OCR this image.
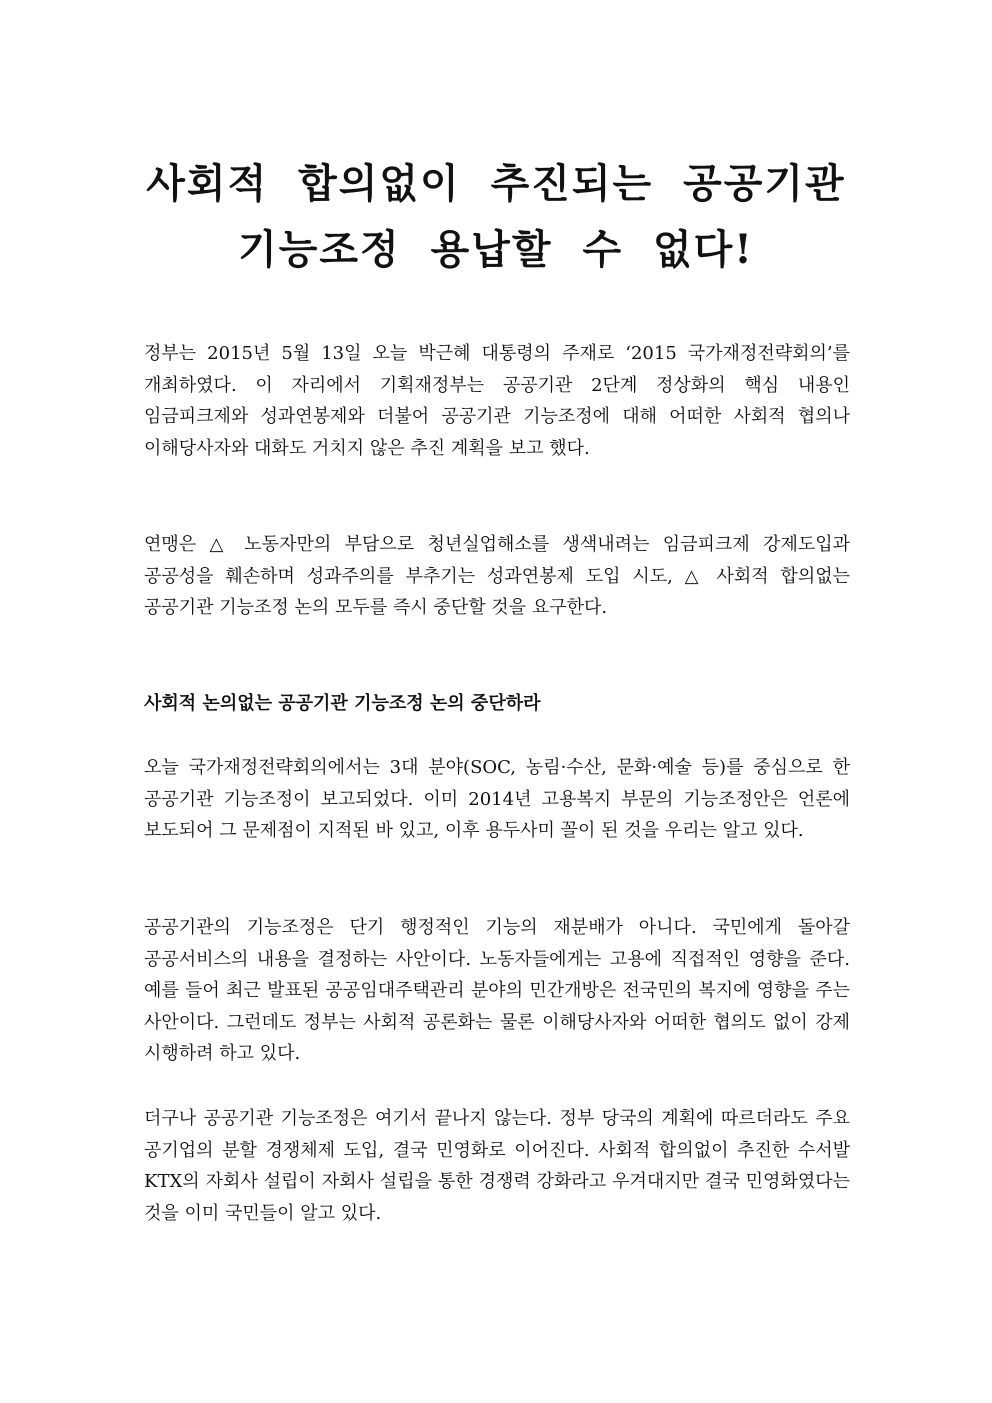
사회적 합의없이 추진되는 공공기관
기능조정 용납할 수 없다!

정부는 2015년 5월 13일 오늘 박근혜 대통령의 주재로 ‘2015 국가재정전략회의’를 개최하였다. 이 자리에서 기획재정부는 공공기관 2단계 정상화의 핵심 내용인 임금피크제와 성과연봉제와 더불어 공공기관 기능조정에 대해 어떠한 사회적 협의나 이해당사자와 대화도 거치지 않은 추진 계획을 보고 했다.

연맹은 △ 노동자만의 부담으로 청년실업해소를 생색내려는 임금피크제 강제도입과 공공성을 훼손하며 성과주의를 부추기는 성과연봉제 도입 시도, △ 사회적 합의없는 공공기관 기능조정 논의 모두를 즉시 중단할 것을 요구한다.

사회적 논의없는 공공기관 기능조정 논의 중단하라

오늘 국가재정전략회의에서는 3대 분야(SOC, 농림·수산, 문화·예술 등)를 중심으로 한 공공기관 기능조정이 보고되었다. 이미 2014년 고용복지 부문의 기능조정안은 언론에 보도되어 그 문제점이 지적된 바 있고, 이후 용두사미 꼴이 된 것을 우리는 알고 있다.

공공기관의 기능조정은 단기 행정적인 기능의 재분배가 아니다. 국민에게 돌아갈 공공서비스의 내용을 결정하는 사안이다. 노동자들에게는 고용에 직접적인 영향을 준다. 예를 들어 최근 발표된 공공임대주택관리 분야의 민간개방은 전국민의 복지에 영향을 주는 사안이다. 그런데도 정부는 사회적 공론화는 물론 이해당사자와 어떠한 협의도 없이 강제 시행하려 하고 있다.

더구나 공공기관 기능조정은 여기서 끝나지 않는다. 정부 당국의 계획에 따르더라도 주요 공기업의 분할 경쟁체제 도입, 결국 민영화로 이어진다. 사회적 합의없이 추진한 수서발 KTX의 자회사 설립이 자회사 설립을 통한 경쟁력 강화라고 우겨대지만 결국 민영화였다는 것을 이미 국민들이 알고 있다.
